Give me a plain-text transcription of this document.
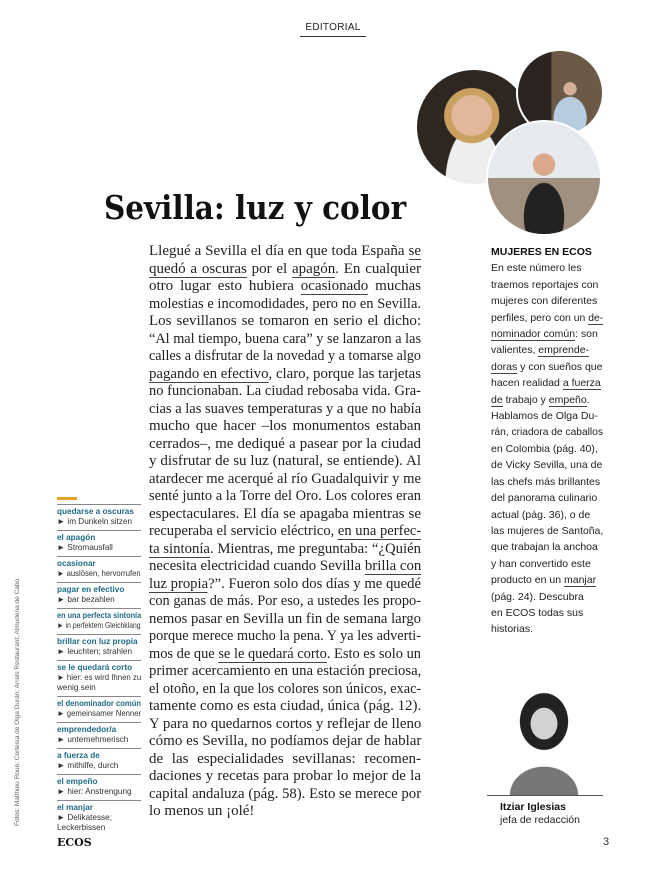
EDITORIAL
Sevilla: luz y color
Llegué a Sevilla el día en que toda España se
quedó a oscuras por el apagón. En cualquier
otro lugar esto hubiera ocasionado muchas
molestias e incomodidades, pero no en Sevilla.
Los sevillanos se tomaron en serio el dicho:
“Al mal tiempo, buena cara” y se lanzaron a las
calles a disfrutar de la novedad y a tomarse algo
pagando en efectivo, claro, porque las tarjetas
no funcionaban. La ciudad rebosaba vida. Gra-
cias a las suaves temperaturas y a que no había
mucho que hacer –los monumentos estaban
cerrados–, me dediqué a pasear por la ciudad
y disfrutar de su luz (natural, se entiende). Al
atardecer me acerqué al río Guadalquivir y me
senté junto a la Torre del Oro. Los colores eran
espectaculares. El día se apagaba mientras se
recuperaba el servicio eléctrico, en una perfec-
ta sintonía. Mientras, me preguntaba: “¿Quién
necesita electricidad cuando Sevilla brilla con
luz propia?”. Fueron solo dos días y me quedé
con ganas de más. Por eso, a ustedes les propo-
nemos pasar en Sevilla un fin de semana largo
porque merece mucho la pena. Y ya les adverti-
mos de que se le quedará corto. Esto es solo un
primer acercamiento en una estación preciosa,
el otoño, en la que los colores son únicos, exac-
tamente como es esta ciudad, única (pág. 12).
Y para no quedarnos cortos y reflejar de lleno
cómo es Sevilla, no podíamos dejar de hablar
de las especialidades sevillanas: recomen-
daciones y recetas para probar lo mejor de la
capital andaluza (pág. 58). Esto se merece por
lo menos un ¡olé!
quedarse a oscuras
► im Dunkeln sitzen
el apagón
► Stromausfall
ocasionar
► auslösen, hervorrufen
pagar en efectivo
► bar bezahlen
en una perfecta sintonía
► in perfektem Gleichklang
brillar con luz propia
► leuchten; strahlen
se le quedará corto
► hier: es wird Ihnen zu
wenig sein
el denominador común
► gemeinsamer Nenner
emprendedor/a
► unternehmerisch
a fuerza de
► mithilfe, durch
el empeño
► hier: Anstrengung
el manjar
► Delikatesse;
Leckerbissen
Fotos: Matthieu Roué; Cortesía de Olga Durán; Arrels Restaurant; Almudena de Cabo
MUJERES EN ECOS
En este número les
traemos reportajes con
mujeres con diferentes
perfiles, pero con un de-
nominador común: son
valientes, emprende-
doras y con sueños que
hacen realidad a fuerza
de trabajo y empeño.
Hablamos de Olga Du-
rán, criadora de caballos
en Colombia (pág. 40),
de Vicky Sevilla, una de
las chefs más brillantes
del panorama culinario
actual (pág. 36), o de
las mujeres de Santoña,
que trabajan la anchoa
y han convertido este
producto en un manjar
(pág. 24). Descubra
en ECOS todas sus
historias.
Itziar Iglesias
jefa de redacción
ECOS	3
